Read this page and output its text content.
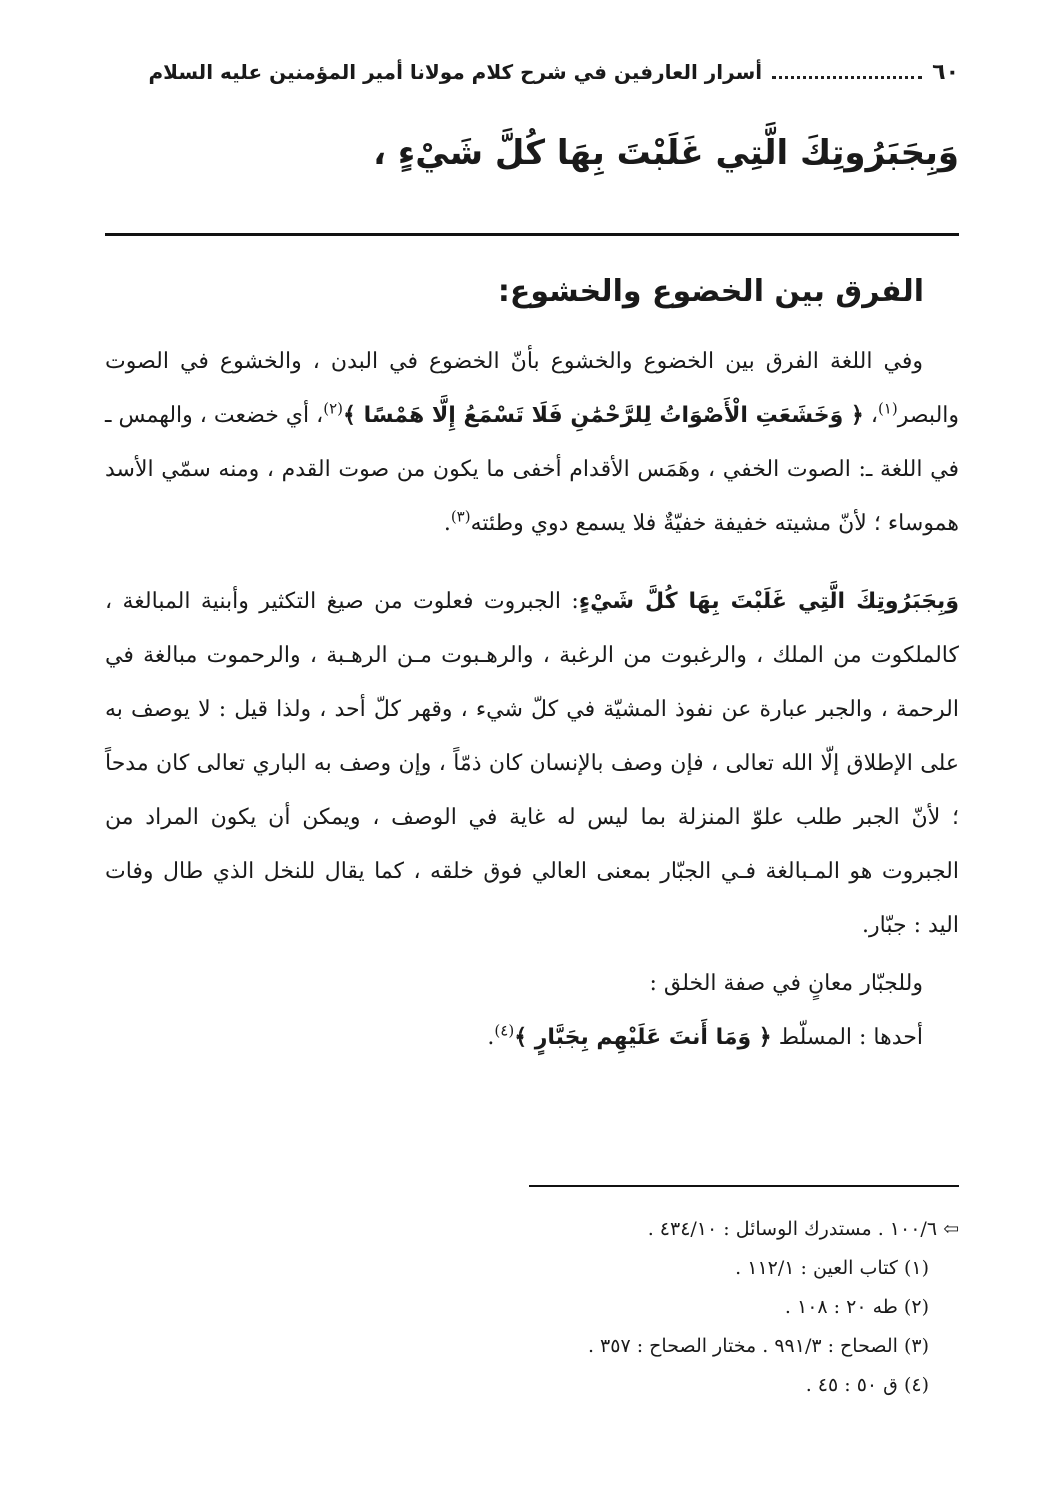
٦٠
أسرار العارفين في شرح كلام مولانا أمير المؤمنين عليه السلام
وَبِجَبَرُوتِكَ الَّتِي غَلَبْتَ بِهَا كُلَّ شَيْءٍ ،
الفرق بين الخضوع والخشوع:

وفي اللغة الفرق بين الخضوع والخشوع بأنّ الخضوع في البدن ، والخشوع في الصوت والبصر$^{(١)}$، ﴿ وَخَشَعَتِ الْأَصْوَاتُ لِلرَّحْمَٰنِ فَلَا تَسْمَعُ إِلَّا هَمْسًا ﴾$^{(٢)}$، أي خضعت ، والهمس ـ في اللغة ـ: الصوت الخفي ، وهَمَس الأقدام أخفى ما يكون من صوت القدم ، ومنه سمّي الأسد هموساء ؛ لأنّ مشيته خفيفة خفيّةٌ فلا يسمع دوي وطئته$^{(٣)}$.

وَبِجَبَرُوتِكَ الَّتِي غَلَبْتَ بِهَا كُلَّ شَيْءٍ: الجبروت فعلوت من صيغ التكثير وأبنية المبالغة ، كالملكوت من الملك ، والرغبوت من الرغبة ، والرهـبوت مـن الرهـبة ، والرحموت مبالغة في الرحمة ، والجبر عبارة عن نفوذ المشيّة في كلّ شيء ، وقهر كلّ أحد ، ولذا قيل : لا يوصف به على الإطلاق إلّا الله تعالى ، فإن وصف بالإنسان كان ذمّاً ، وإن وصف به الباري تعالى كان مدحاً ؛ لأنّ الجبر طلب علوّ المنزلة بما ليس له غاية في الوصف ، ويمكن أن يكون المراد من الجبروت هو المـبالغة فـي الجبّار بمعنى العالي فوق خلقه ، كما يقال للنخل الذي طال وفات اليد : جبّار.

وللجبّار معانٍ في صفة الخلق :

أحدها : المسلّط ﴿ وَمَا أَنتَ عَلَيْهِم بِجَبَّارٍ ﴾$^{(٤)}$.

⇦ ١٠٠/٦ . مستدرك الوسائل : ٤٣٤/١٠ .

(١) كتاب العين : ١١٢/١ .

(٢) طه ٢٠ : ١٠٨ .

(٣) الصحاح : ٩٩١/٣ . مختار الصحاح : ٣٥٧ .

(٤) ق ٥٠ : ٤٥ .
